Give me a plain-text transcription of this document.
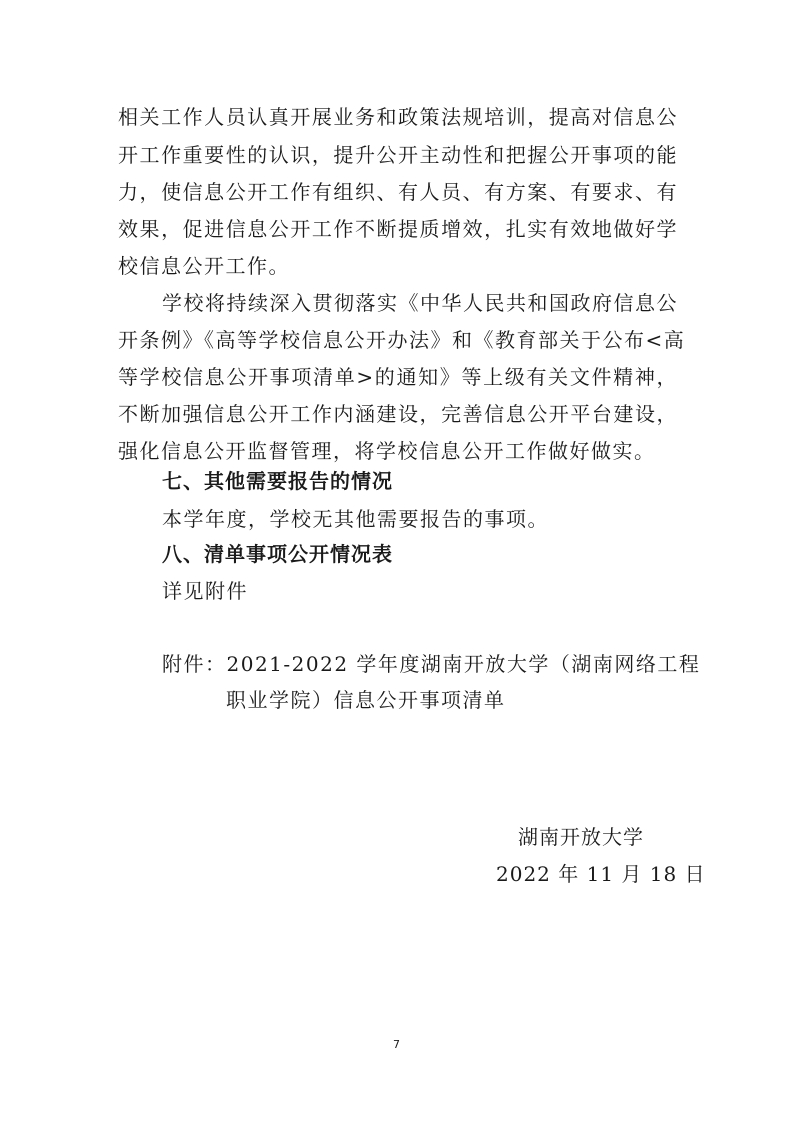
相关工作人员认真开展业务和政策法规培训，提高对信息公
开工作重要性的认识，提升公开主动性和把握公开事项的能
力，使信息公开工作有组织、有人员、有方案、有要求、有
效果，促进信息公开工作不断提质增效，扎实有效地做好学
校信息公开工作。
学校将持续深入贯彻落实《中华人民共和国政府信息公
开条例》《高等学校信息公开办法》和《教育部关于公布<高
等学校信息公开事项清单>的通知》等上级有关文件精神，
不断加强信息公开工作内涵建设，完善信息公开平台建设，
强化信息公开监督管理，将学校信息公开工作做好做实。
七、其他需要报告的情况
本学年度，学校无其他需要报告的事项。
八、清单事项公开情况表
详见附件
附件：2021-2022 学年度湖南开放大学（湖南网络工程
职业学院）信息公开事项清单
湖南开放大学
2022 年 11 月 18 日
7
